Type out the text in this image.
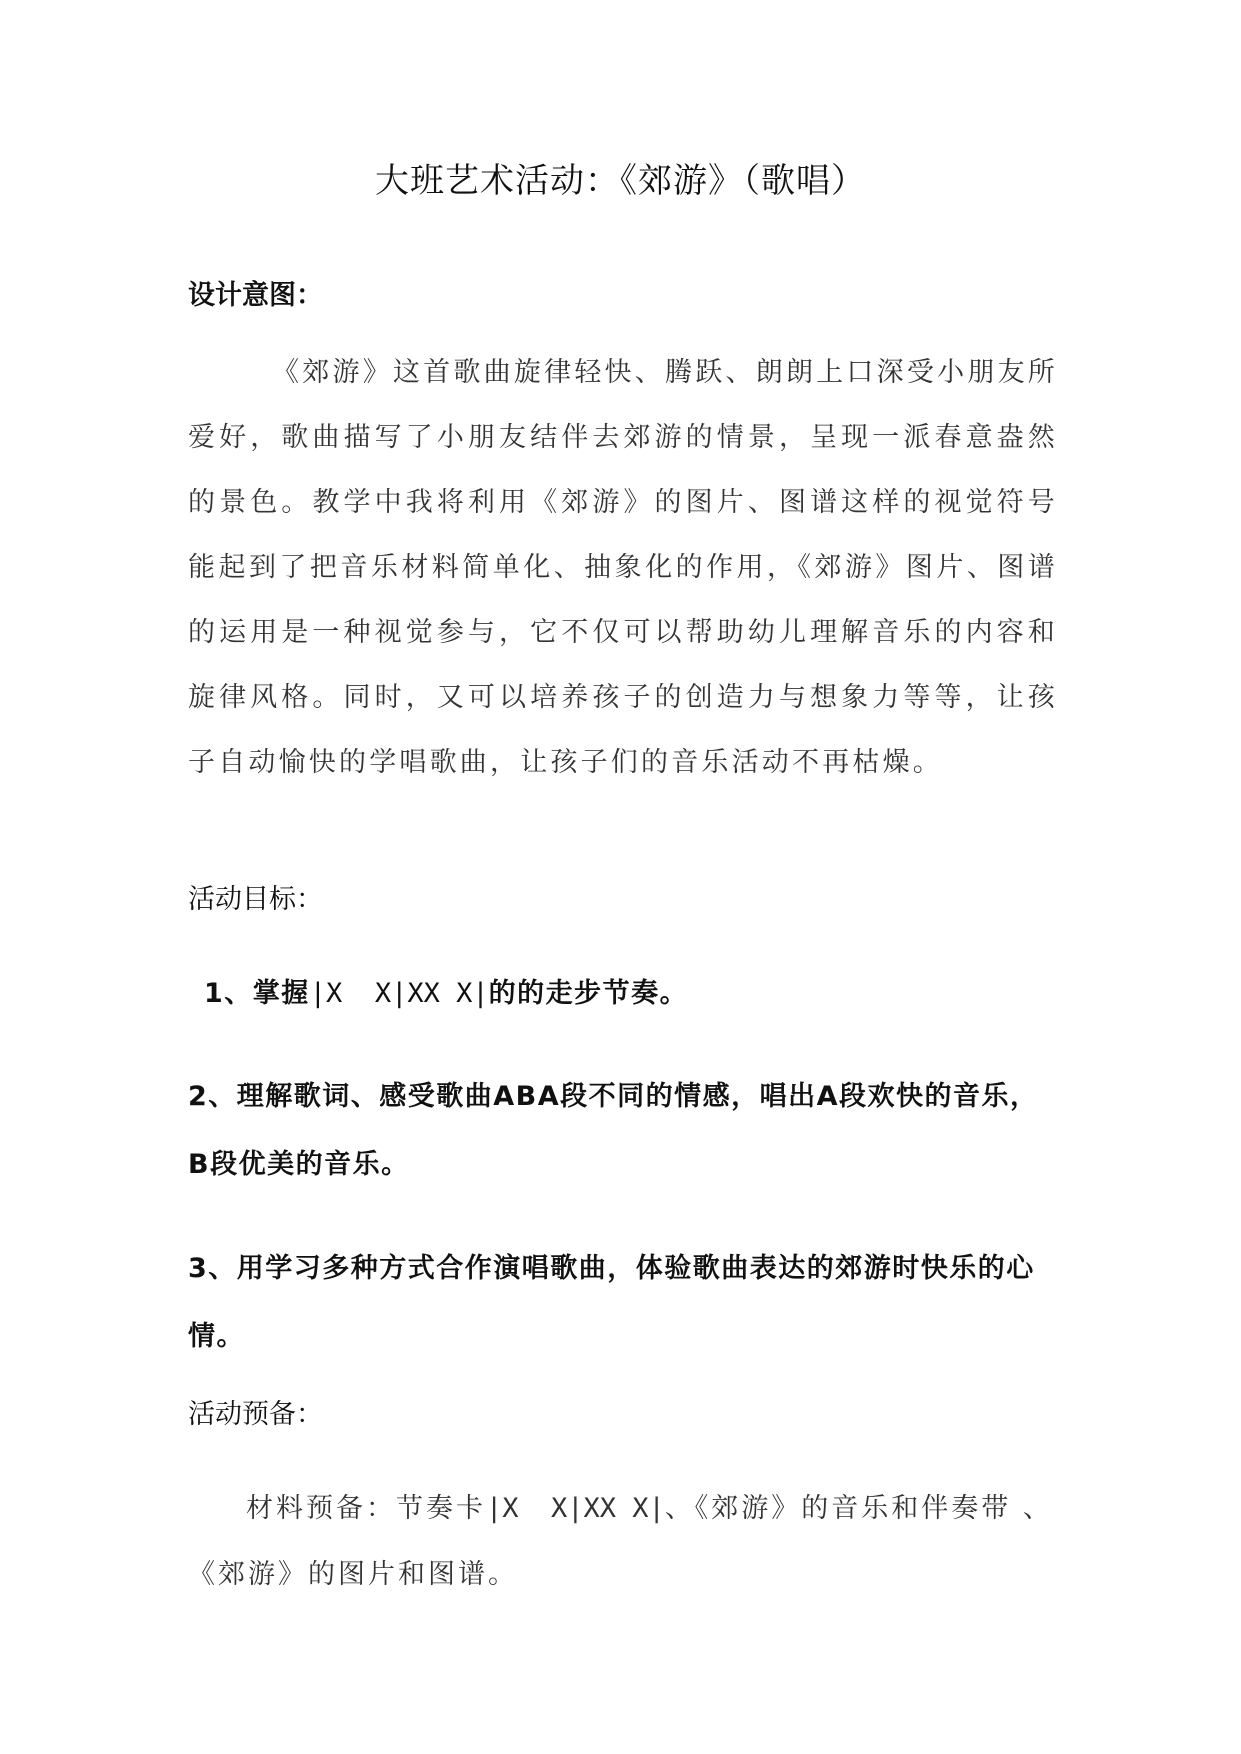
大班艺术活动：《郊游》（歌唱）
设计意图：
《郊游》这首歌曲旋律轻快、腾跃、朗朗上口深受小朋友所爱好，歌曲描写了小朋友结伴去郊游的情景，呈现一派春意盎然的景色。教学中我将利用《郊游》的图片、图谱这样的视觉符号能起到了把音乐材料简单化、抽象化的作用，《郊游》图片、图谱的运用是一种视觉参与，它不仅可以帮助幼儿理解音乐的内容和旋律风格。同时，又可以培养孩子的创造力与想象力等等，让孩子自动愉快的学唱歌曲，让孩子们的音乐活动不再枯燥。
活动目标：
1、掌握|X  X|XX X|的的走步节奏。
2、理解歌词、感受歌曲ABA段不同的情感，唱出A段欢快的音乐，B段优美的音乐。
3、用学习多种方式合作演唱歌曲，体验歌曲表达的郊游时快乐的心情。
活动预备：
材料预备：节奏卡|X  X|XX X|、《郊游》的音乐和伴奏带 、《郊游》的图片和图谱。
